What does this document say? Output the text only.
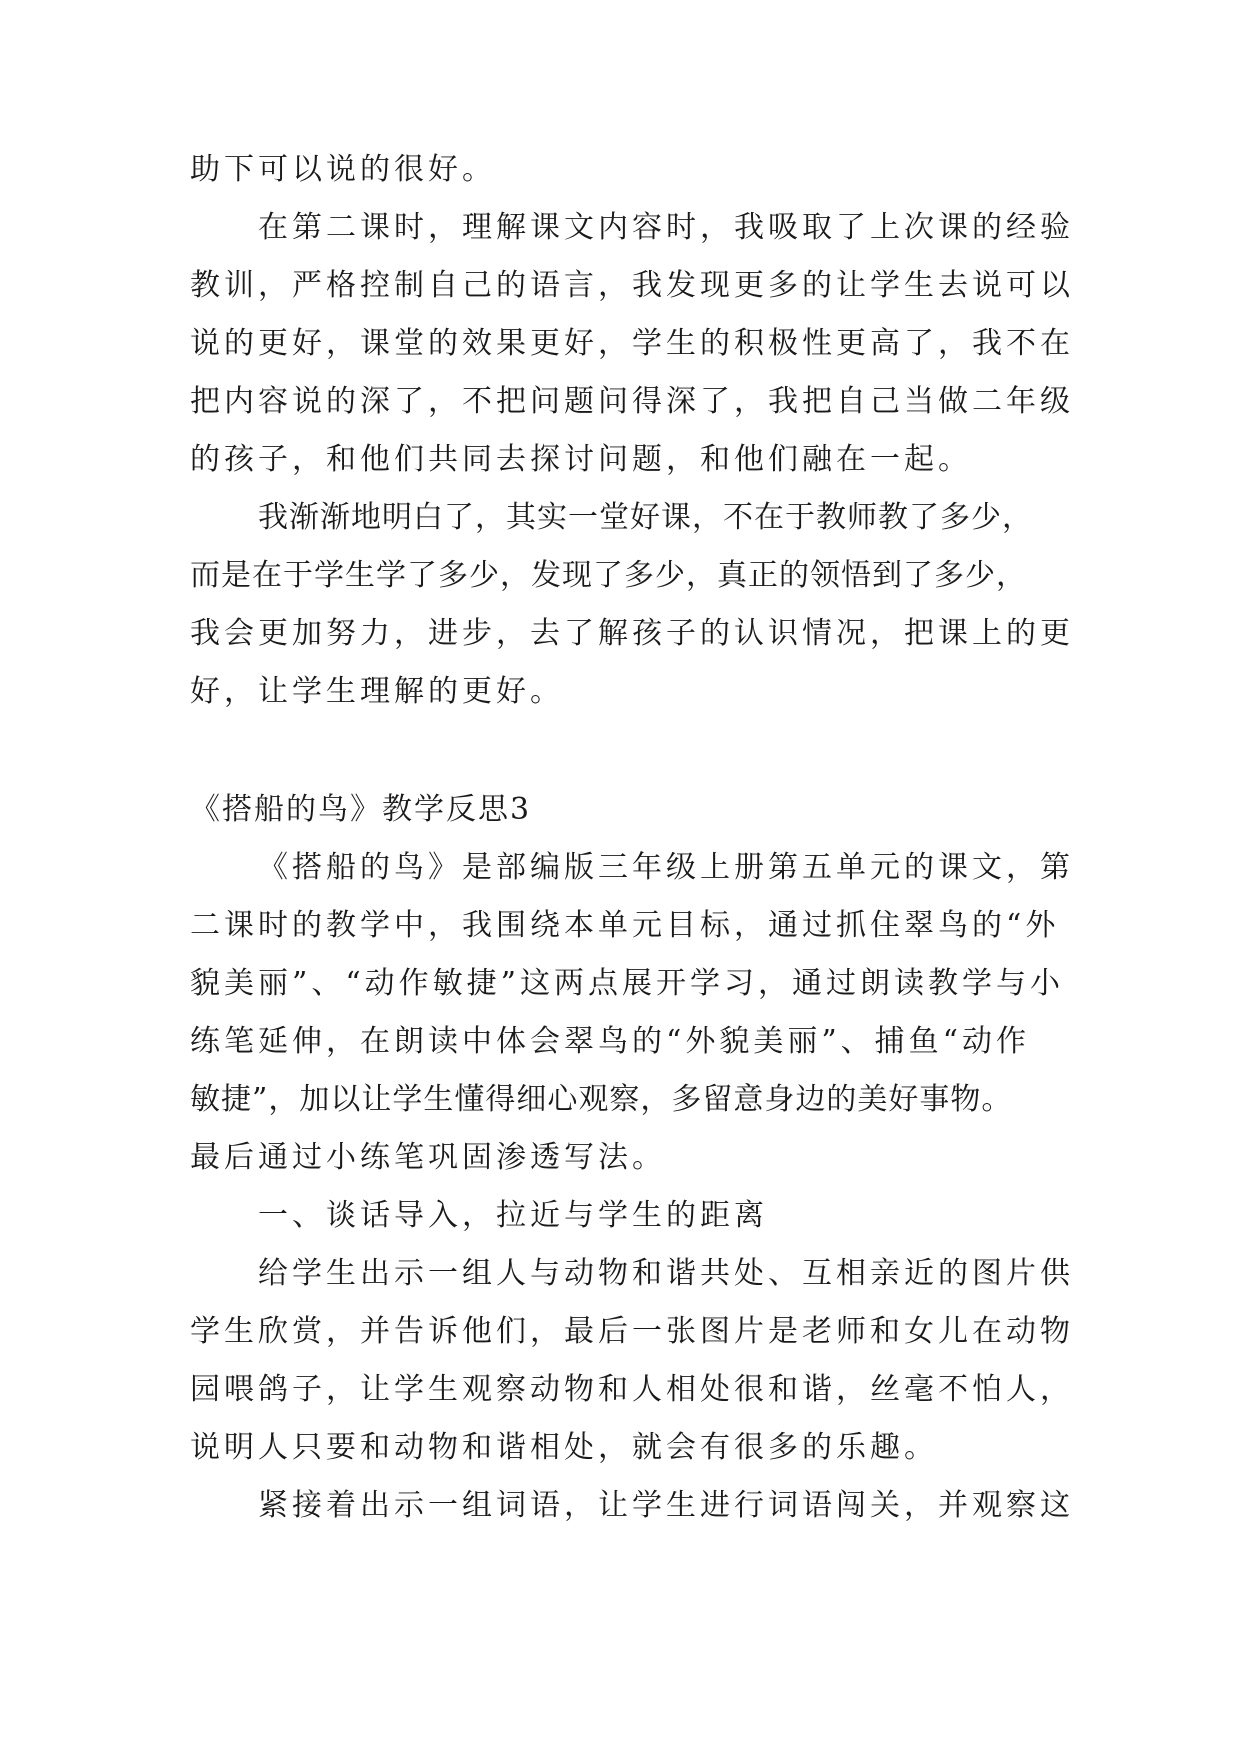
助下可以说的很好。

在第二课时，理解课文内容时，我吸取了上次课的经验

教训，严格控制自己的语言，我发现更多的让学生去说可以

说的更好，课堂的效果更好，学生的积极性更高了，我不在

把内容说的深了，不把问题问得深了，我把自己当做二年级

的孩子，和他们共同去探讨问题，和他们融在一起。

我渐渐地明白了，其实一堂好课，不在于教师教了多少，

而是在于学生学了多少，发现了多少，真正的领悟到了多少，

我会更加努力，进步，去了解孩子的认识情况，把课上的更

好，让学生理解的更好。

《搭船的鸟》教学反思3

《搭船的鸟》是部编版三年级上册第五单元的课文，第

二课时的教学中，我围绕本单元目标，通过抓住翠鸟的“外

貌美丽”、“动作敏捷”这两点展开学习，通过朗读教学与小

练笔延伸，在朗读中体会翠鸟的“外貌美丽”、捕鱼“动作

敏捷”，加以让学生懂得细心观察，多留意身边的美好事物。

最后通过小练笔巩固渗透写法。

一、谈话导入，拉近与学生的距离

给学生出示一组人与动物和谐共处、互相亲近的图片供

学生欣赏，并告诉他们，最后一张图片是老师和女儿在动物

园喂鸽子，让学生观察动物和人相处很和谐，丝毫不怕人，

说明人只要和动物和谐相处，就会有很多的乐趣。

紧接着出示一组词语，让学生进行词语闯关，并观察这
